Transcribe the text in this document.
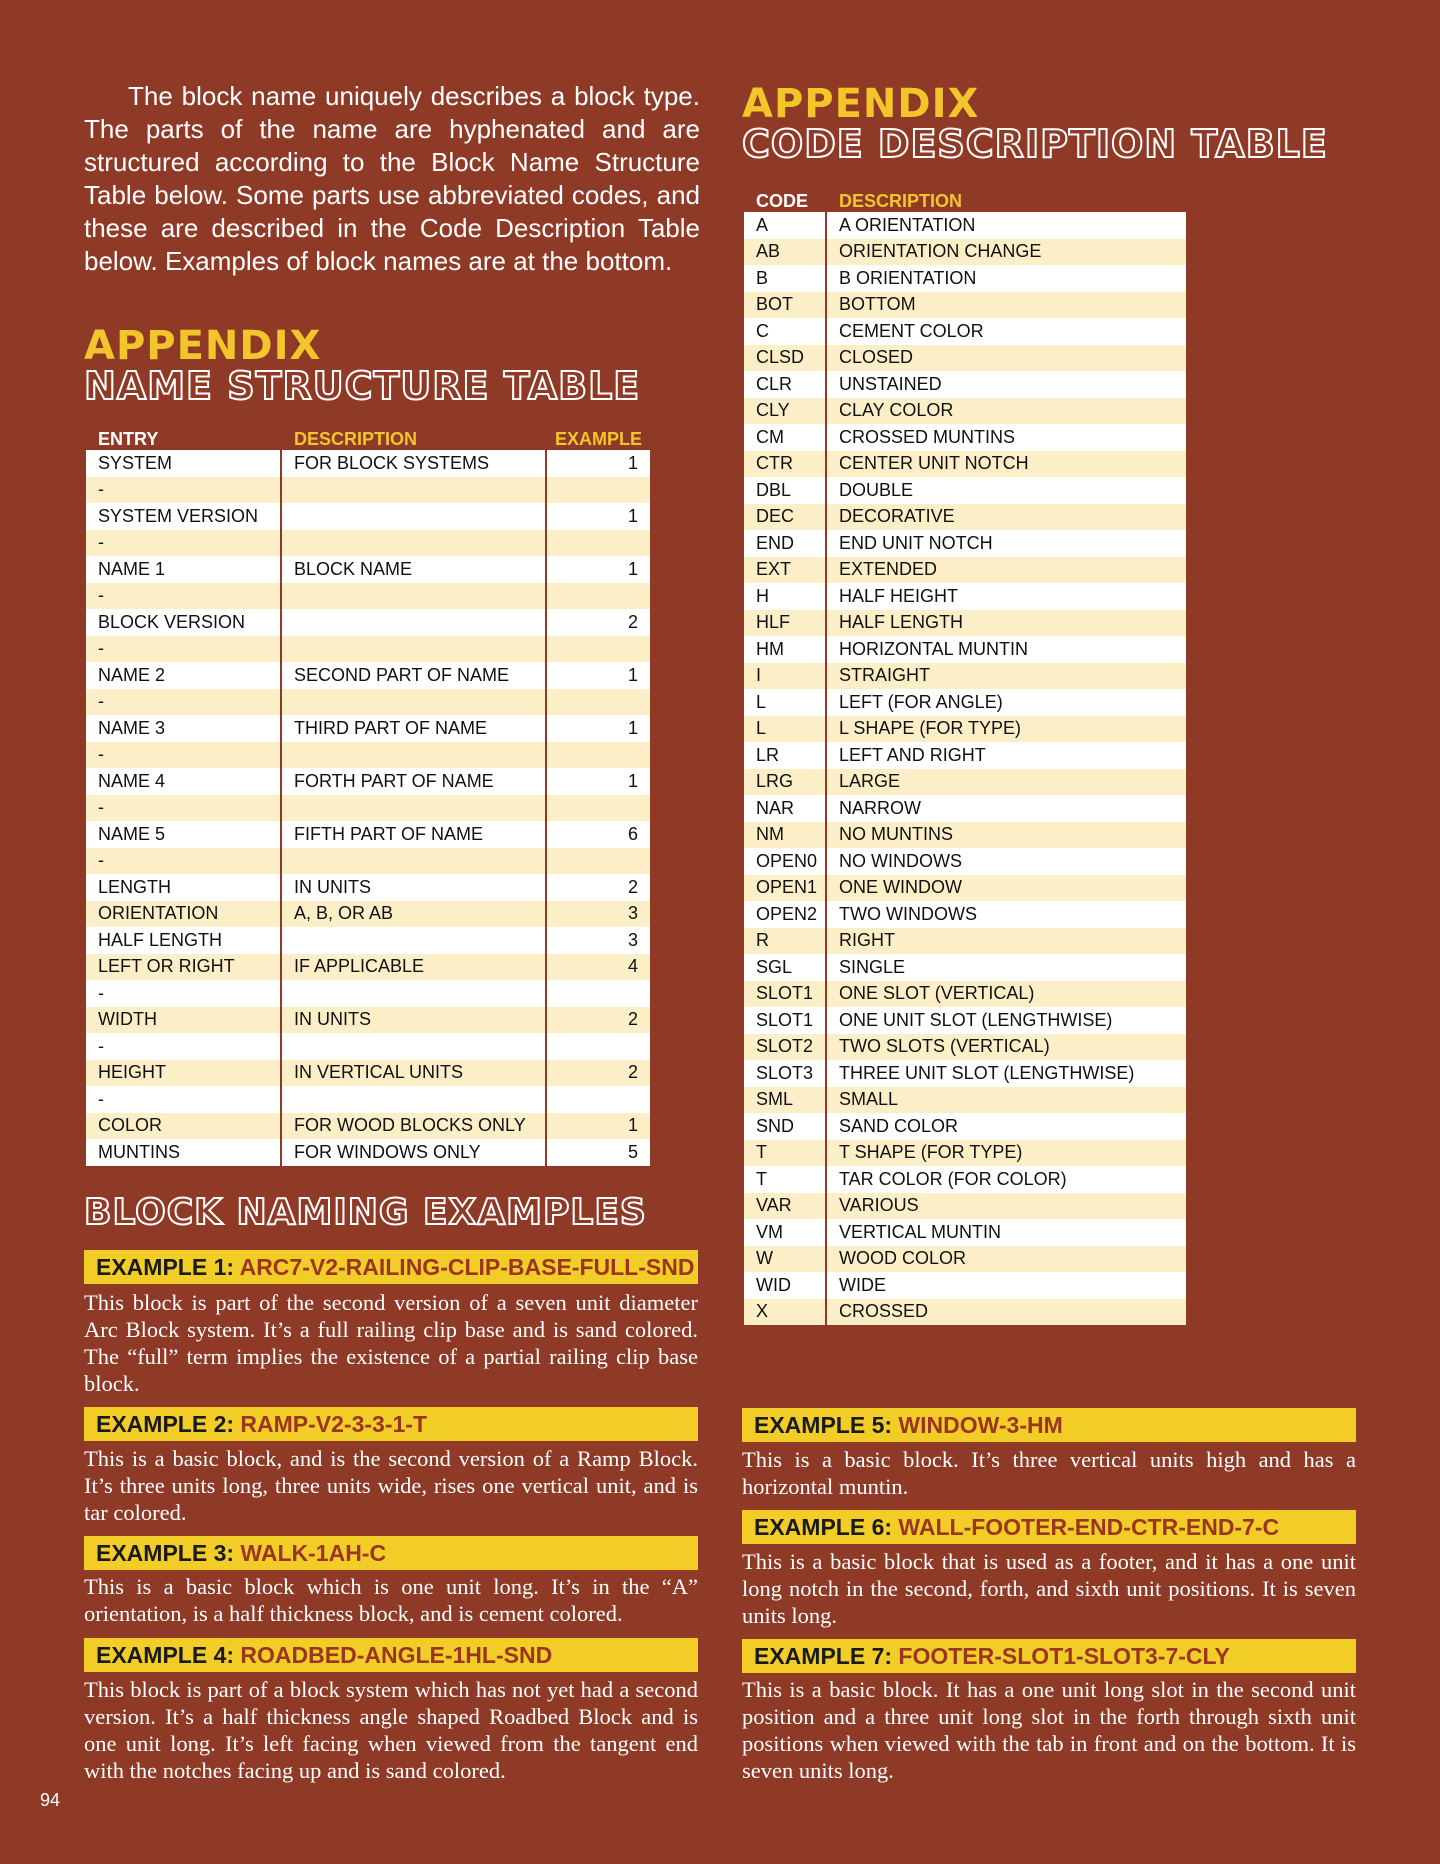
The block name uniquely describes a block type. The parts of the name are hyphenated and are structured according to the Block Name Structure Table below. Some parts use abbreviated codes, and these are described in the Code Description Table below. Examples of block names are at the bottom.

APPENDIX
NAME STRUCTURE TABLE
ENTRY	DESCRIPTION	EXAMPLE
SYSTEM	FOR BLOCK SYSTEMS	1
-		
SYSTEM VERSION		1
-		
NAME 1	BLOCK NAME	1
-		
BLOCK VERSION		2
-		
NAME 2	SECOND PART OF NAME	1
-		
NAME 3	THIRD PART OF NAME	1
-		
NAME 4	FORTH PART OF NAME	1
-		
NAME 5	FIFTH PART OF NAME	6
-		
LENGTH	IN UNITS	2
ORIENTATION	A, B, OR AB	3
HALF LENGTH		3
LEFT OR RIGHT	IF APPLICABLE	4
-		
WIDTH	IN UNITS	2
-		
HEIGHT	IN VERTICAL UNITS	2
-		
COLOR	FOR WOOD BLOCKS ONLY	1
MUNTINS	FOR WINDOWS ONLY	5
APPENDIX
CODE DESCRIPTION TABLE
CODE	DESCRIPTION
A	A ORIENTATION
AB	ORIENTATION CHANGE
B	B ORIENTATION
BOT	BOTTOM
C	CEMENT COLOR
CLSD	CLOSED
CLR	UNSTAINED
CLY	CLAY COLOR
CM	CROSSED MUNTINS
CTR	CENTER UNIT NOTCH
DBL	DOUBLE
DEC	DECORATIVE
END	END UNIT NOTCH
EXT	EXTENDED
H	HALF HEIGHT
HLF	HALF LENGTH
HM	HORIZONTAL MUNTIN
I	STRAIGHT
L	LEFT (FOR ANGLE)
L	L SHAPE (FOR TYPE)
LR	LEFT AND RIGHT
LRG	LARGE
NAR	NARROW
NM	NO MUNTINS
OPEN0	NO WINDOWS
OPEN1	ONE WINDOW
OPEN2	TWO WINDOWS
R	RIGHT
SGL	SINGLE
SLOT1	ONE SLOT (VERTICAL)
SLOT1	ONE UNIT SLOT (LENGTHWISE)
SLOT2	TWO SLOTS (VERTICAL)
SLOT3	THREE UNIT SLOT (LENGTHWISE)
SML	SMALL
SND	SAND COLOR
T	T SHAPE (FOR TYPE)
T	TAR COLOR (FOR COLOR)
VAR	VARIOUS
VM	VERTICAL MUNTIN
W	WOOD COLOR
WID	WIDE
X	CROSSED
BLOCK NAMING EXAMPLES
EXAMPLE 1: ARC7-V2-RAILING-CLIP-BASE-FULL-SND

This block is part of the second version of a seven unit diameter Arc Block system. It’s a full railing clip base and is sand colored. The “full” term implies the existence of a partial railing clip base block.

EXAMPLE 2: RAMP-V2-3-3-1-T

This is a basic block, and is the second version of a Ramp Block. It’s three units long, three units wide, rises one vertical unit, and is tar colored.

EXAMPLE 3: WALK-1AH-C

This is a basic block which is one unit long. It’s in the “A” orientation, is a half thickness block, and is cement colored.

EXAMPLE 4: ROADBED-ANGLE-1HL-SND

This block is part of a block system which has not yet had a second version. It’s a half thickness angle shaped Roadbed Block and is one unit long. It’s left facing when viewed from the tangent end with the notches facing up and is sand colored.

EXAMPLE 5: WINDOW-3-HM

This is a basic block. It’s three vertical units high and has a horizontal muntin.

EXAMPLE 6: WALL-FOOTER-END-CTR-END-7-C

This is a basic block that is used as a footer, and it has a one unit long notch in the second, forth, and sixth unit positions. It is seven units long.

EXAMPLE 7: FOOTER-SLOT1-SLOT3-7-CLY

This is a basic block. It has a one unit long slot in the second unit position and a three unit long slot in the forth through sixth unit positions when viewed with the tab in front and on the bottom. It is seven units long.

94
